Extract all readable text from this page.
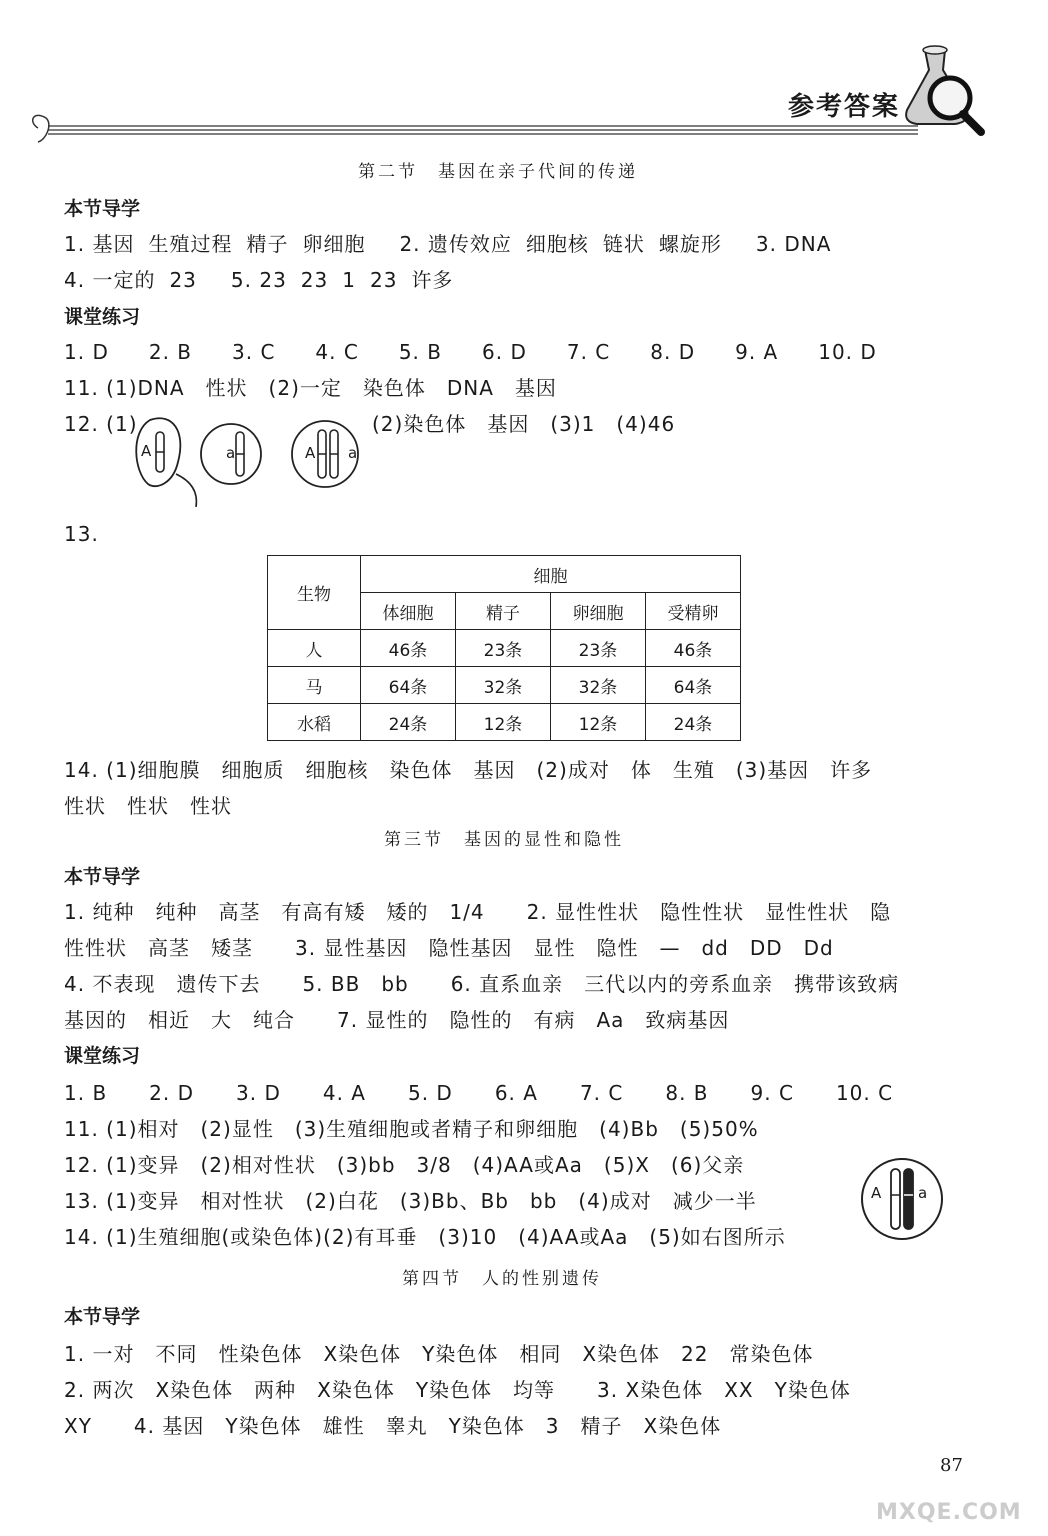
参考答案
第二节　基因在亲子代间的传递
本节导学
1. 基因 生殖过程 精子 卵细胞 2. 遗传效应 细胞核 链状 螺旋形 3. DNA
4. 一定的 23 5. 23 23 1 23 许多
课堂练习
1. D 2. B 3. C 4. C 5. B 6. D 7. C 8. D 9. A 10. D
11. (1)DNA　性状　(2)一定　染色体　DNA　基因
12. (1)	(2)染色体　基因　(3)1　(4)46
A	a	A a
13.
生物	细胞			
	体细胞	精子	卵细胞	受精卵
人	46条	23条	23条	46条
马	64条	32条	32条	64条
水稻	24条	12条	12条	24条
14. (1)细胞膜　细胞质　细胞核　染色体　基因　(2)成对　体　生殖　(3)基因　许多
性状　性状　性状
第三节　基因的显性和隐性
本节导学
1. 纯种　纯种　高茎　有高有矮　矮的　1/4　　2. 显性性状　隐性性状　显性性状　隐
性性状　高茎　矮茎　　3. 显性基因　隐性基因　显性　隐性　—　dd　DD　Dd
4. 不表现　遗传下去　　5. BB　bb　　6. 直系血亲　三代以内的旁系血亲　携带该致病
基因的　相近　大　纯合　　7. 显性的　隐性的　有病　Aa　致病基因
课堂练习
1. B 2. D 3. D 4. A 5. D 6. A 7. C 8. B 9. C 10. C
11. (1)相对　(2)显性　(3)生殖细胞或者精子和卵细胞　(4)Bb　(5)50%
12. (1)变异　(2)相对性状　(3)bb　3/8　(4)AA或Aa　(5)X　(6)父亲
13. (1)变异　相对性状　(2)白花　(3)Bb、Bb　bb　(4)成对　减少一半
14. (1)生殖细胞(或染色体)(2)有耳垂　(3)10　(4)AA或Aa　(5)如右图所示
A a
第四节　人的性别遗传
本节导学
1. 一对　不同　性染色体　X染色体　Y染色体　相同　X染色体　22　常染色体
2. 两次　X染色体　两种　X染色体　Y染色体　均等　　3. X染色体　XX　Y染色体
XY　　4. 基因　Y染色体　雄性　睾丸　Y染色体　3　精子　X染色体
87
MXQE.COM
